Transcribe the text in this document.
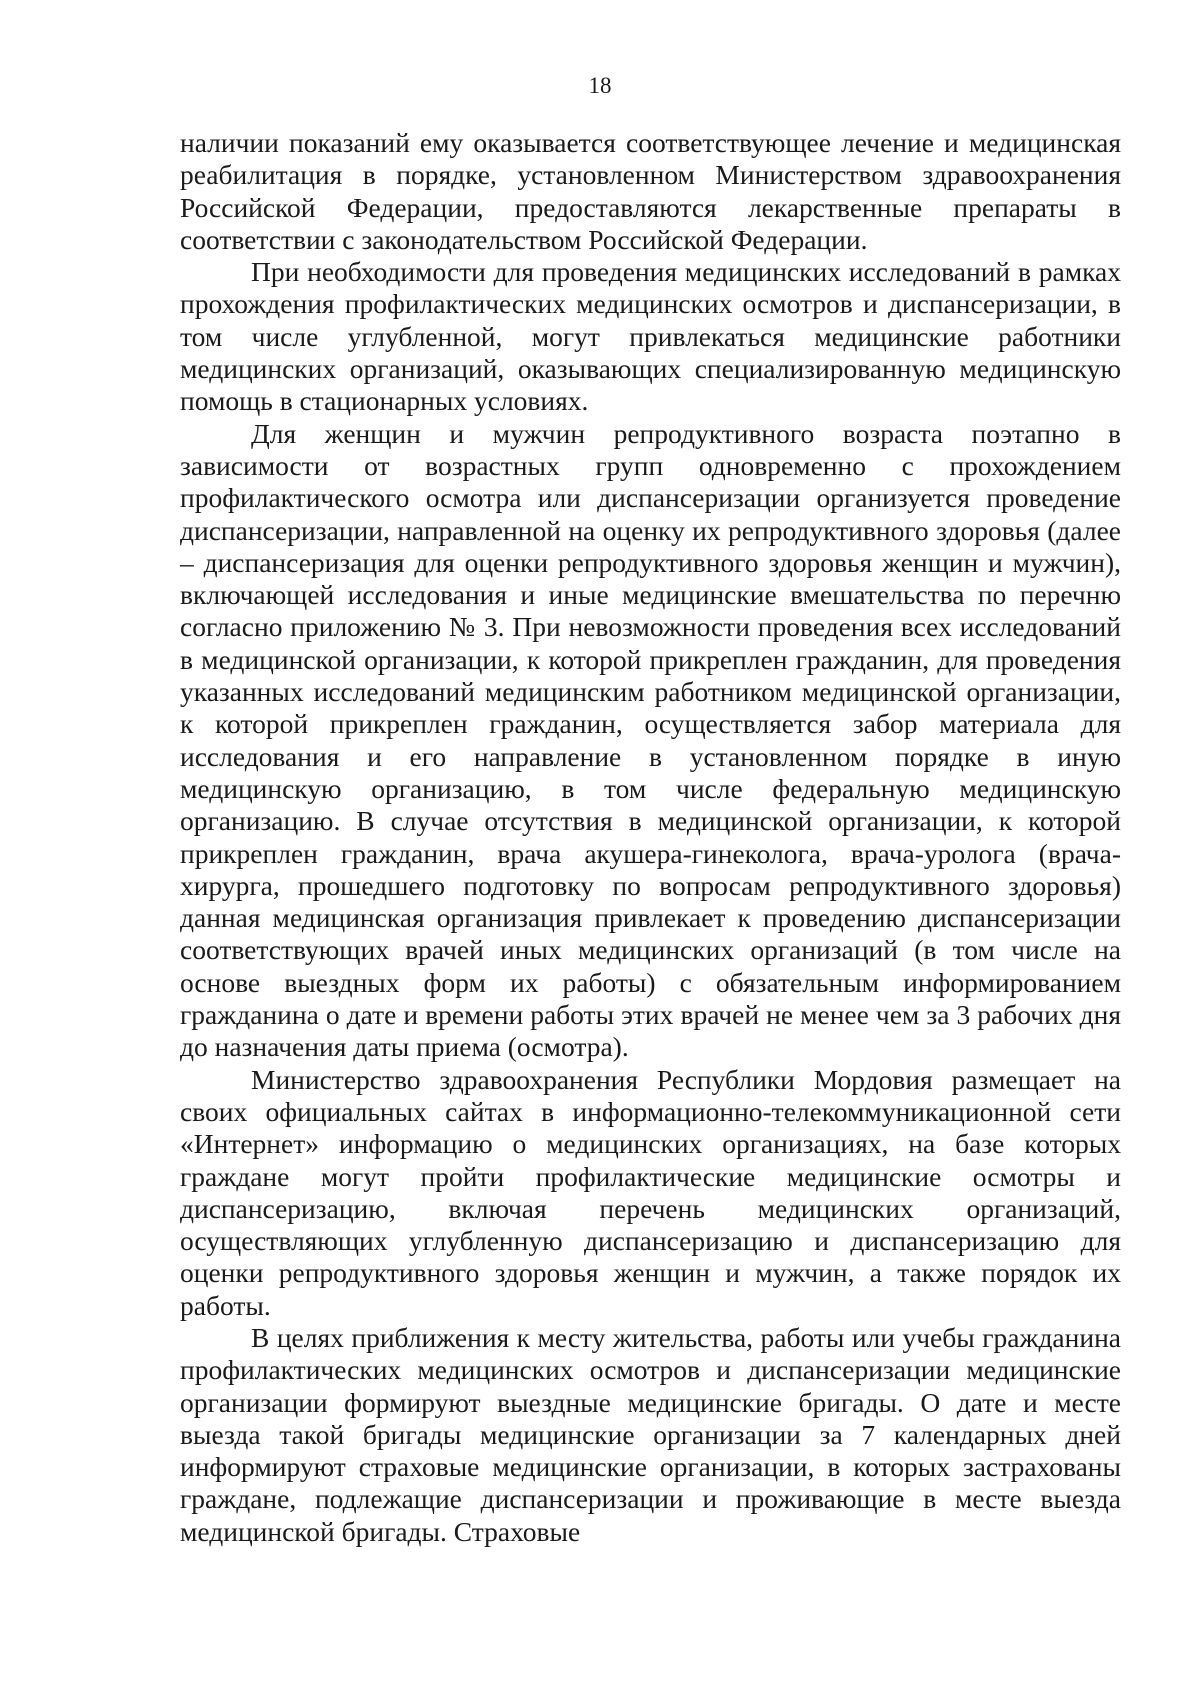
18

наличии показаний ему оказывается соответствующее лечение и медицинская реабилитация в порядке, установленном Министерством здравоохранения Российской Федерации, предоставляются лекарственные препараты в соответствии с законодательством Российской Федерации.

При необходимости для проведения медицинских исследований в рамках прохождения профилактических медицинских осмотров и диспансеризации, в том числе углубленной, могут привлекаться медицинские работники медицинских организаций, оказывающих специализированную медицинскую помощь в стационарных условиях.

Для женщин и мужчин репродуктивного возраста поэтапно в зависимости от возрастных групп одновременно с прохождением профилактического осмотра или диспансеризации организуется проведение диспансеризации, направленной на оценку их репродуктивного здоровья (далее – диспансеризация для оценки репродуктивного здоровья женщин и мужчин), включающей исследования и иные медицинские вмешательства по перечню согласно приложению № 3. При невозможности проведения всех исследований в медицинской организации, к которой прикреплен гражданин, для проведения указанных исследований медицинским работником медицинской организации, к которой прикреплен гражданин, осуществляется забор материала для исследования и его направление в установленном порядке в иную медицинскую организацию, в том числе федеральную медицинскую организацию. В случае отсутствия в медицинской организации, к которой прикреплен гражданин, врача акушера-гинеколога, врача-уролога (врача-хирурга, прошедшего подготовку по вопросам репродуктивного здоровья) данная медицинская организация привлекает к проведению диспансеризации соответствующих врачей иных медицинских организаций (в том числе на основе выездных форм их работы) с обязательным информированием гражданина о дате и времени работы этих врачей не менее чем за 3 рабочих дня до назначения даты приема (осмотра).

Министерство здравоохранения Республики Мордовия размещает на своих официальных сайтах в информационно-телекоммуникационной сети «Интернет» информацию о медицинских организациях, на базе которых граждане могут пройти профилактические медицинские осмотры и диспансеризацию, включая перечень медицинских организаций, осуществляющих углубленную диспансеризацию и диспансеризацию для оценки репродуктивного здоровья женщин и мужчин, а также порядок их работы.

В целях приближения к месту жительства, работы или учебы гражданина профилактических медицинских осмотров и диспансеризации медицинские организации формируют выездные медицинские бригады. О дате и месте выезда такой бригады медицинские организации за 7 календарных дней информируют страховые медицинские организации, в которых застрахованы граждане, подлежащие диспансеризации и проживающие в месте выезда медицинской бригады. Страховые
